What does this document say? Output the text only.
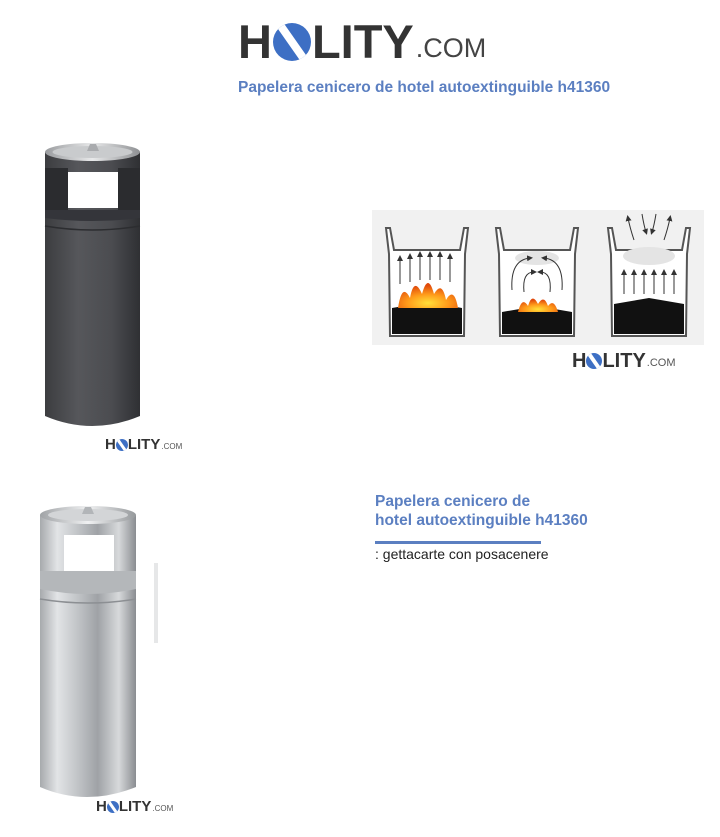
H LITY .COM
Papelera cenicero de hotel autoextinguible h41360
H LITY .COM
H LITY .COM
H LITY .COM
Papelera cenicero de
hotel autoextinguible h41360
: gettacarte con posacenere
